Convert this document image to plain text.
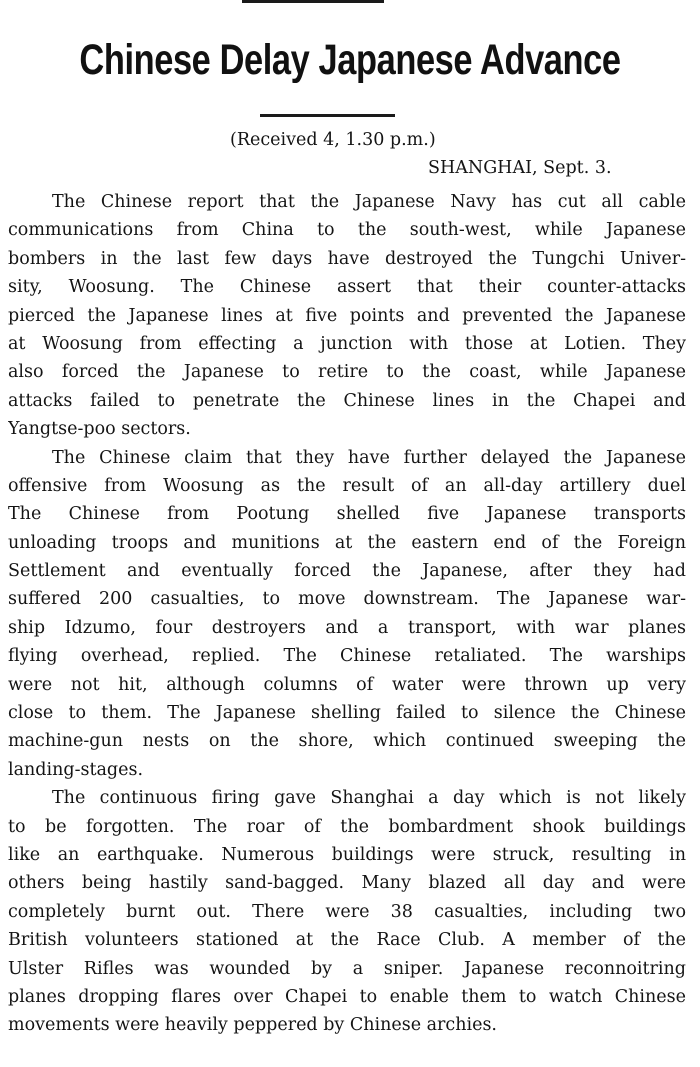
Chinese Delay Japanese Advance
(Received 4, 1.30 p.m.)
SHANGHAI, Sept. 3.
The Chinese report that the Japanese Navy has cut all cable
communications from China to the south-west, while Japanese
bombers in the last few days have destroyed the Tungchi Univer-
sity, Woosung. The Chinese assert that their counter-attacks
pierced the Japanese lines at five points and prevented the Japanese
at Woosung from effecting a junction with those at Lotien. They
also forced the Japanese to retire to the coast, while Japanese
attacks failed to penetrate the Chinese lines in the Chapei and
Yangtse-poo sectors.
The Chinese claim that they have further delayed the Japanese
offensive from Woosung as the result of an all-day artillery duel
The Chinese from Pootung shelled five Japanese transports
unloading troops and munitions at the eastern end of the Foreign
Settlement and eventually forced the Japanese, after they had
suffered 200 casualties, to move downstream. The Japanese war-
ship Idzumo, four destroyers and a transport, with war planes
flying overhead, replied. The Chinese retaliated. The warships
were not hit, although columns of water were thrown up very
close to them. The Japanese shelling failed to silence the Chinese
machine-gun nests on the shore, which continued sweeping the
landing-stages.
The continuous firing gave Shanghai a day which is not likely
to be forgotten. The roar of the bombardment shook buildings
like an earthquake. Numerous buildings were struck, resulting in
others being hastily sand-bagged. Many blazed all day and were
completely burnt out. There were 38 casualties, including two
British volunteers stationed at the Race Club. A member of the
Ulster Rifles was wounded by a sniper. Japanese reconnoitring
planes dropping flares over Chapei to enable them to watch Chinese
movements were heavily peppered by Chinese archies.
